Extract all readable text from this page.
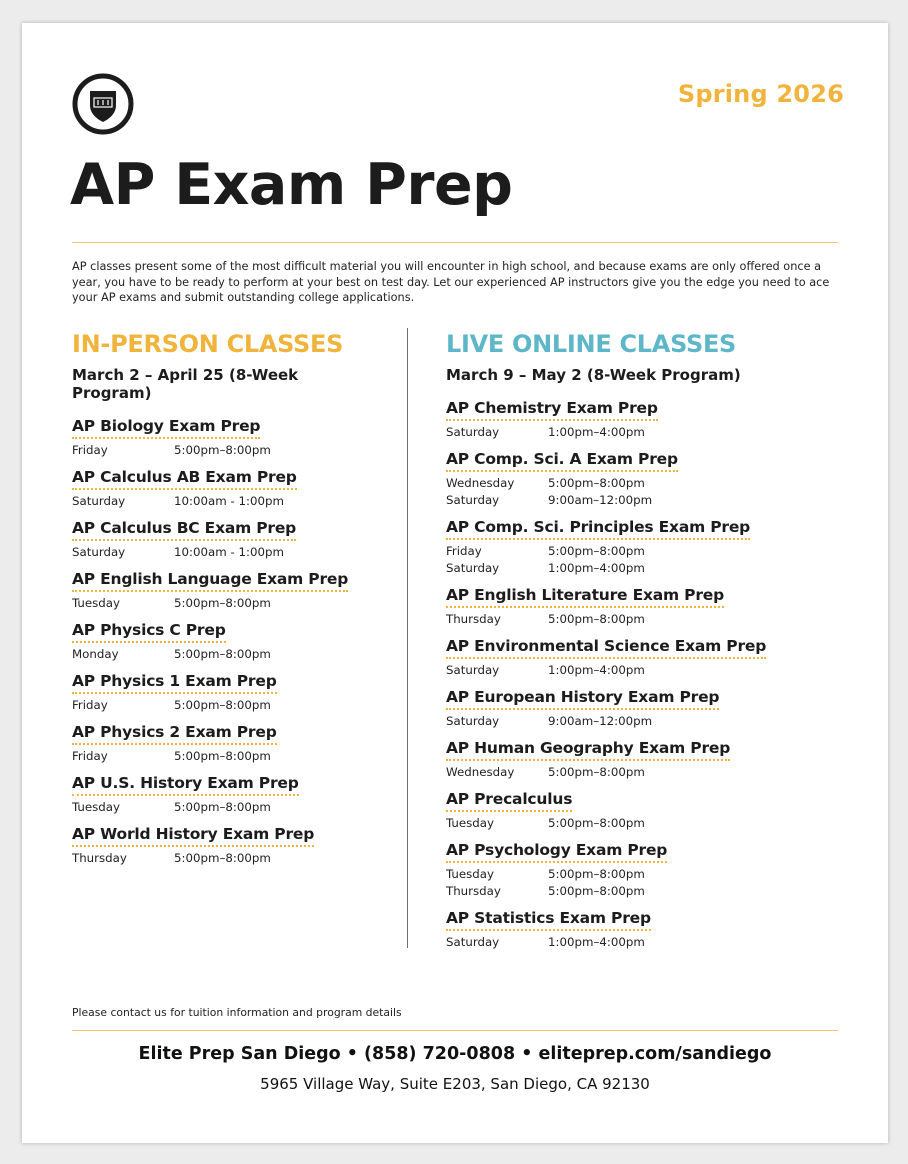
Spring 2026
AP Exam Prep

AP classes present some of the most difficult material you will encounter in high school, and because exams are only offered once a year, you have to be ready to perform at your best on test day. Let our experienced AP instructors give you the edge you need to ace your AP exams and submit outstanding college applications.

IN-PERSON CLASSES
March 2 – April 25 (8-Week Program)
AP Biology Exam Prep
Friday	5:00pm–8:00pm
AP Calculus AB Exam Prep
Saturday	10:00am - 1:00pm
AP Calculus BC Exam Prep
Saturday	10:00am - 1:00pm
AP English Language Exam Prep
Tuesday	5:00pm–8:00pm
AP Physics C Prep
Monday	5:00pm–8:00pm
AP Physics 1 Exam Prep
Friday	5:00pm–8:00pm
AP Physics 2 Exam Prep
Friday	5:00pm–8:00pm
AP U.S. History Exam Prep
Tuesday	5:00pm–8:00pm
AP World History Exam Prep
Thursday	5:00pm–8:00pm
LIVE ONLINE CLASSES
March 9 – May 2 (8-Week Program)
AP Chemistry Exam Prep
Saturday	1:00pm–4:00pm
AP Comp. Sci. A Exam Prep
Wednesday	5:00pm–8:00pm
Saturday	9:00am–12:00pm
AP Comp. Sci. Principles Exam Prep
Friday	5:00pm–8:00pm
Saturday	1:00pm–4:00pm
AP English Literature Exam Prep
Thursday	5:00pm–8:00pm
AP Environmental Science Exam Prep
Saturday	1:00pm–4:00pm
AP European History Exam Prep
Saturday	9:00am–12:00pm
AP Human Geography Exam Prep
Wednesday	5:00pm–8:00pm
AP Precalculus
Tuesday	5:00pm–8:00pm
AP Psychology Exam Prep
Tuesday	5:00pm–8:00pm
Thursday	5:00pm–8:00pm
AP Statistics Exam Prep
Saturday	1:00pm–4:00pm

Please contact us for tuition information and program details

Elite Prep San Diego • (858) 720-0808 • eliteprep.com/sandiego

5965 Village Way, Suite E203, San Diego, CA 92130
